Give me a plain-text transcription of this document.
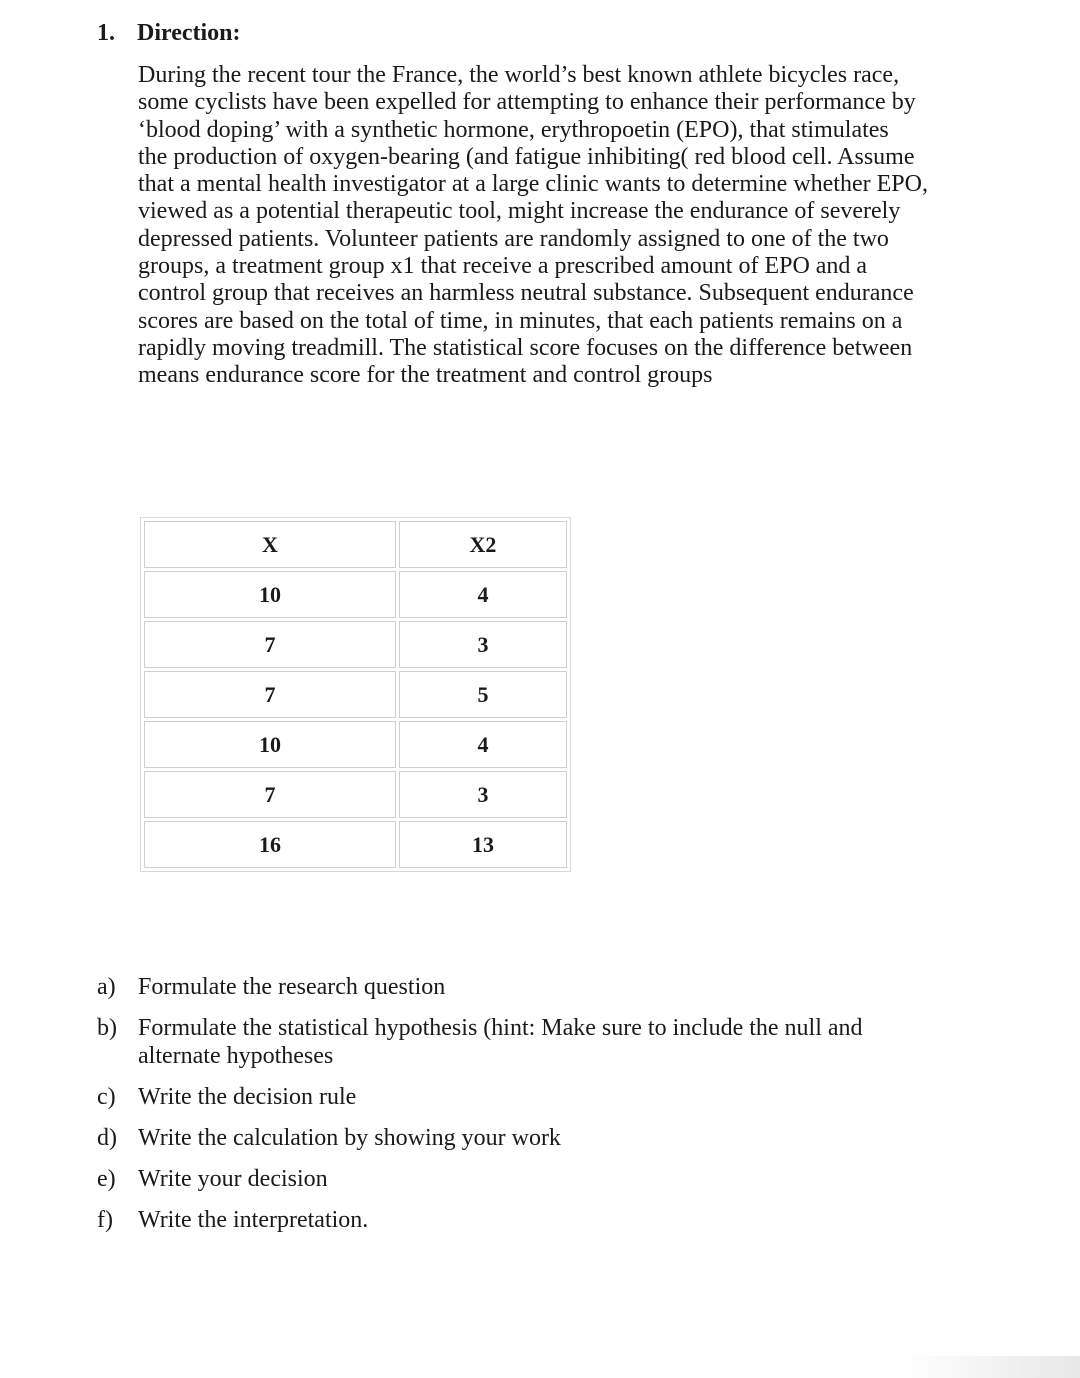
1. Direction:
During the recent tour the France, the world’s best known athlete bicycles race,
some cyclists have been expelled for attempting to enhance their performance by
‘blood doping’ with a synthetic hormone, erythropoetin (EPO), that stimulates
the production of oxygen-bearing (and fatigue inhibiting( red blood cell. Assume
that a mental health investigator at a large clinic wants to determine whether EPO,
viewed as a potential therapeutic tool, might increase the endurance of severely
depressed patients. Volunteer patients are randomly assigned to one of the two
groups, a treatment group x1 that receive a prescribed amount of EPO and a
control group that receives an harmless neutral substance. Subsequent endurance
scores are based on the total of time, in minutes, that each patients remains on a
rapidly moving treadmill. The statistical score focuses on the difference between
means endurance score for the treatment and control groups
X	X2
10	4
7	3
7	5
10	4
7	3
16	13
a) Formulate the research question
b) Formulate the statistical hypothesis (hint: Make sure to include the null and
alternate hypotheses
c) Write the decision rule
d) Write the calculation by showing your work
e) Write your decision
f) Write the interpretation.
